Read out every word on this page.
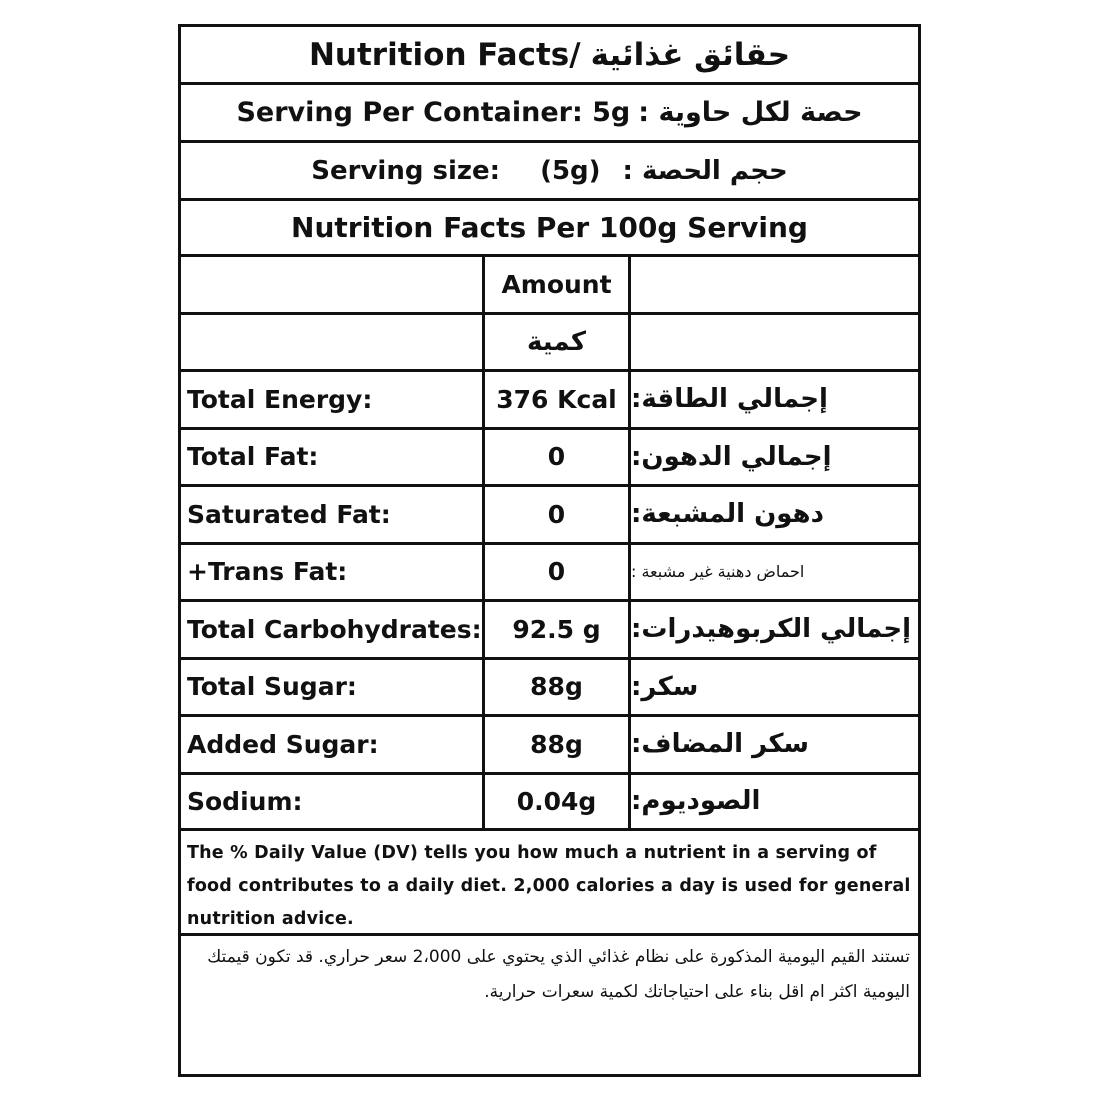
Nutrition Facts/ حقائق غذائية
Serving Per Container: 5g حصة لكل حاوية :
Serving size: (5g) حجم الحصة :
Nutrition Facts Per 100g Serving
Amount
كمية
Total Energy:	376 Kcal إجمالي الطاقة:
Total Fat:	0	إجمالي الدهون:
Saturated Fat:	0	دهون المشبعة:
+Trans Fat:	0	احماض دهنية غير مشبعة :
Total Carbohydrates:	92.5 g	إجمالي الكربوهيدرات:
Total Sugar:	88g	سكر:
Added Sugar:	88g	سكر المضاف:
Sodium:	0.04g	الصوديوم:
The % Daily Value (DV) tells you how much a nutrient in a serving of food contributes to a daily diet. 2,000 calories a day is used for general nutrition advice.
تستند القيم اليومية المذكورة على نظام غذائي الذي يحتوي على 2،000 سعر حراري. قد تكون قيمتك اليومية اكثر ام اقل بناء على احتياجاتك لكمية سعرات حرارية.
